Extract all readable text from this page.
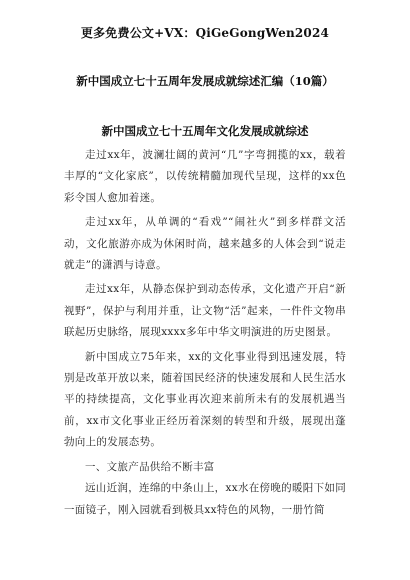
更多免费公文+VX：QiGeGongWen2024
新中国成立七十五周年发展成就综述汇编（10篇）
新中国成立七十五周年文化发展成就综述

走过xx年，波澜壮阔的黄河“几”字弯拥揽的xx，载着丰厚的“文化家底”，以传统精髓加现代呈现，这样的xx色彩令国人愈加着迷。

走过xx年，从单调的“看戏”“闹社火”到多样群文活动，文化旅游亦成为休闲时尚，越来越多的人体会到“说走就走”的潇洒与诗意。

走过xx年，从静态保护到动态传承，文化遗产开启“新视野”，保护与利用并重，让文物“活”起来，一件件文物串联起历史脉络，展现xxxx多年中华文明演进的历史图景。

新中国成立75年来，xx的文化事业得到迅速发展，特别是改革开放以来，随着国民经济的快速发展和人民生活水平的持续提高，文化事业再次迎来前所未有的发展机遇当前，xx市文化事业正经历着深刻的转型和升级，展现出蓬勃向上的发展态势。

一、文旅产品供给不断丰富

远山近润，连绵的中条山上，xx水在傍晚的暖阳下如同一面镜子，刚入园就看到极具xx特色的风物，一册竹简
